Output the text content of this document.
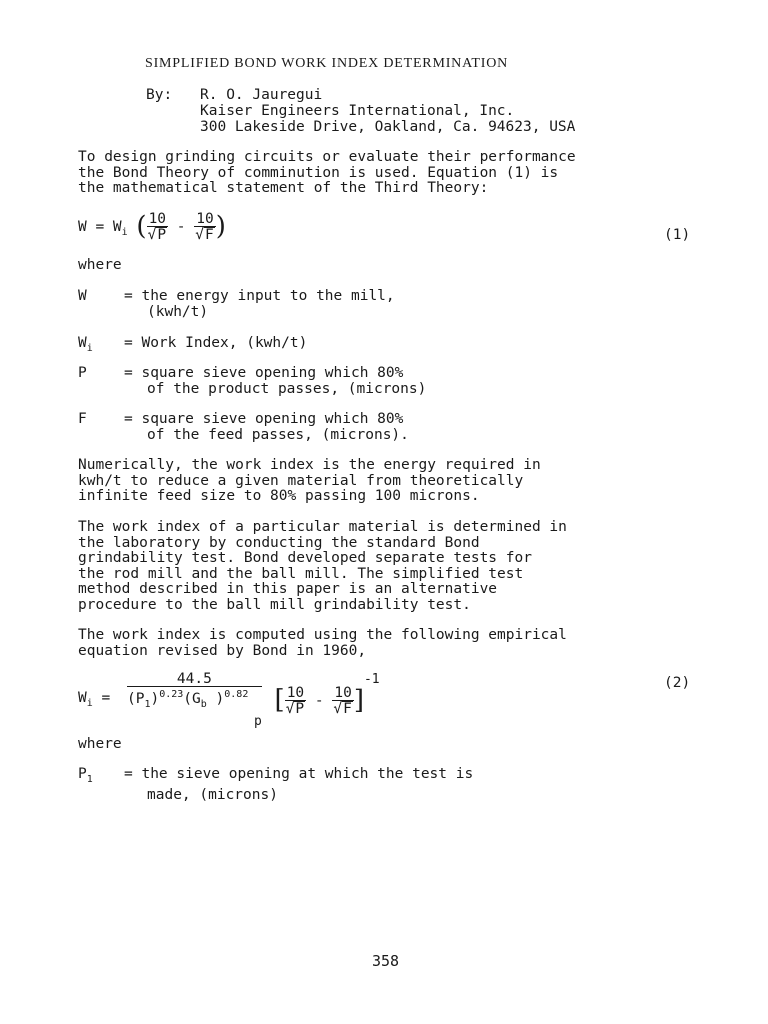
SIMPLIFIED BOND WORK INDEX DETERMINATION
By: R. O. Jauregui
Kaiser Engineers International, Inc.
300 Lakeside Drive, Oakland, Ca. 94623, USA
To design grinding circuits or evaluate their performance
the Bond Theory of comminution is used. Equation (1) is
the mathematical statement of the Third Theory:
$W = W_i$ ( $\frac{10}{√P} - \frac{10}{√F}$ )	(1)
where
W	= the energy input to the mill,
(kwh/t)
$W_i$ = Work Index, (kwh/t)
P	= square sieve opening which 80%
of the product passes, (microns)
F	= square sieve opening which 80%
of the feed passes, (microns).
Numerically, the work index is the energy required in
kwh/t to reduce a given material from theoretically
infinite feed size to 80% passing 100 microns.
The work index of a particular material is determined in
the laboratory by conducting the standard Bond
grindability test. Bond developed separate tests for
the rod mill and the ball mill. The simplified test
method described in this paper is an alternative
procedure to the ball mill grindability test.
The work index is computed using the following empirical
equation revised by Bond in 1960,
$W_i$ =
44.5
$(P_1)^{0.23}(G_b$ )$^{0.82}$
p
[ $\frac{10}{√P} - \frac{10}{√F} ]^{-1}$	(2)
where
$P_1$ = the sieve opening at which the test is
made, (microns)
358
